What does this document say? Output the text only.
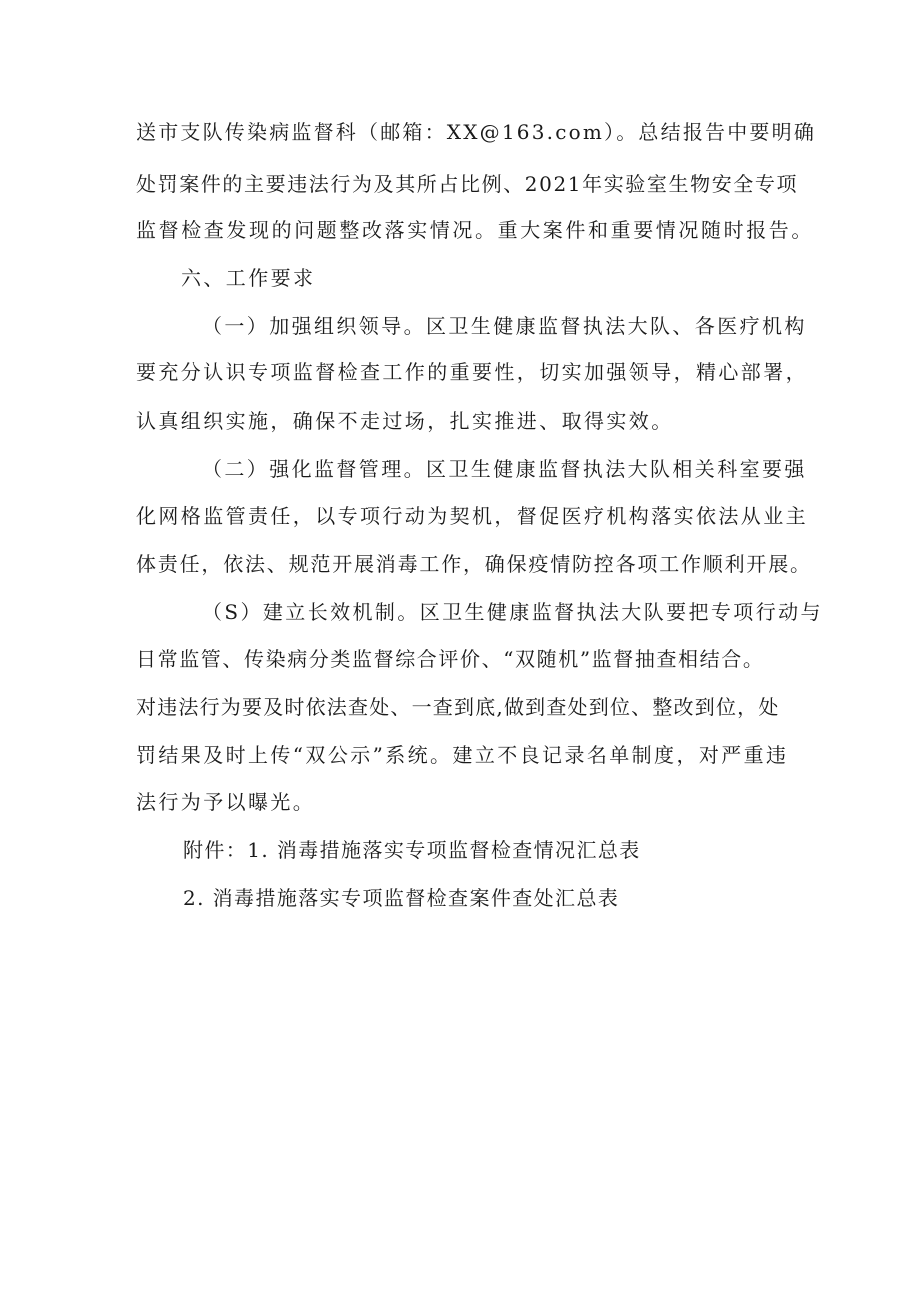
送市支队传染病监督科（邮箱：XX@163.com）。总结报告中要明确
处罚案件的主要违法行为及其所占比例、2021年实验室生物安全专项
监督检查发现的问题整改落实情况。重大案件和重要情况随时报告。
六、工作要求
（一）加强组织领导。区卫生健康监督执法大队、各医疗机构
要充分认识专项监督检查工作的重要性，切实加强领导，精心部署，
认真组织实施，确保不走过场，扎实推进、取得实效。
（二）强化监督管理。区卫生健康监督执法大队相关科室要强
化网格监管责任，以专项行动为契机，督促医疗机构落实依法从业主
体责任，依法、规范开展消毒工作，确保疫情防控各项工作顺利开展。
（S）建立长效机制。区卫生健康监督执法大队要把专项行动与
日常监管、传染病分类监督综合评价、“双随机”监督抽查相结合。
对违法行为要及时依法查处、一查到底,做到查处到位、整改到位，处
罚结果及时上传“双公示”系统。建立不良记录名单制度，对严重违
法行为予以曝光。
附件：1. 消毒措施落实专项监督检查情况汇总表
2. 消毒措施落实专项监督检查案件查处汇总表
